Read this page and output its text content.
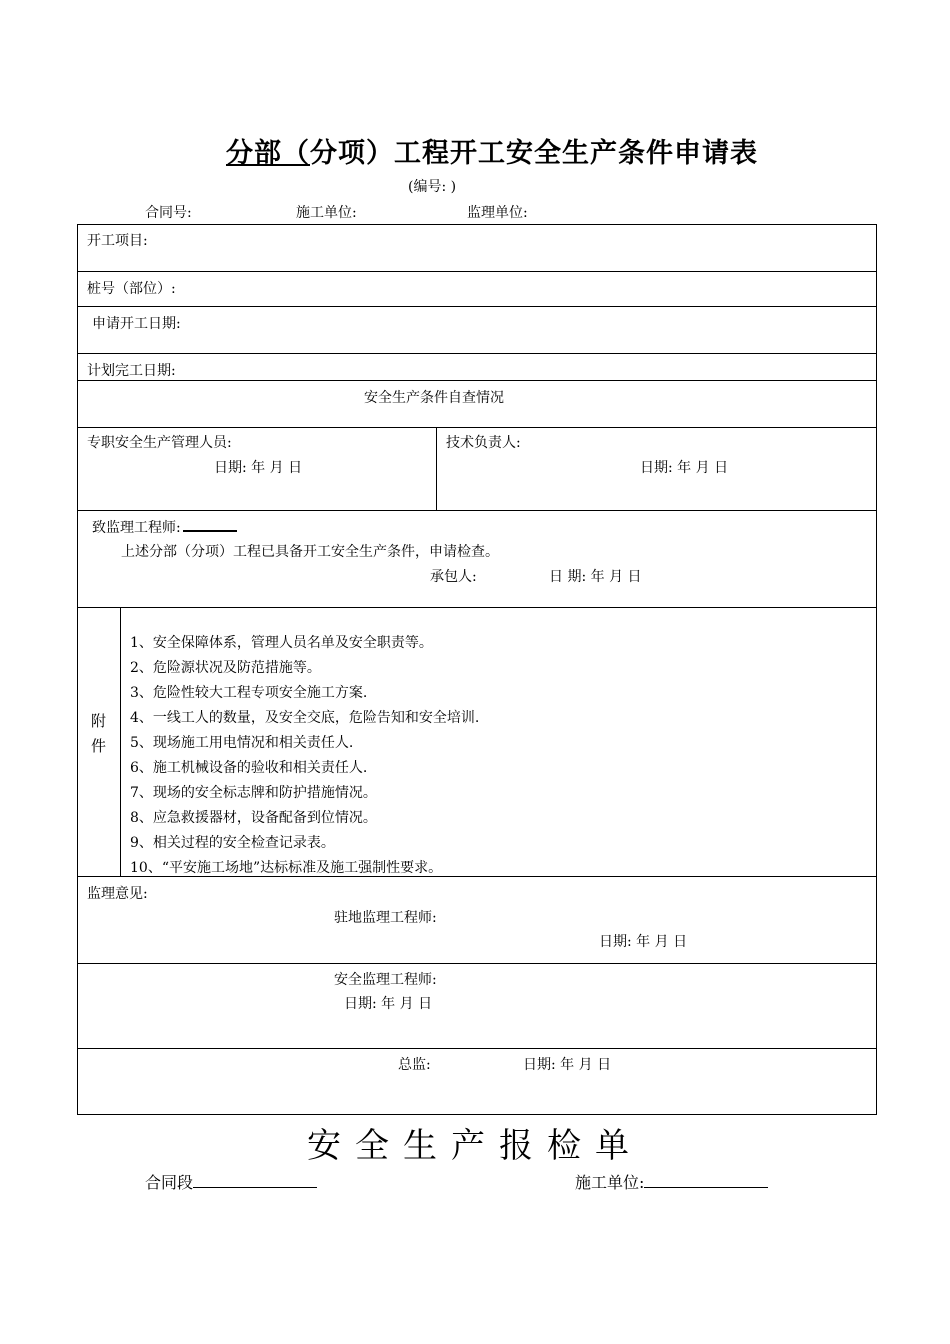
分部（分项）工程开工安全生产条件申请表
(编号: )
合同号:	施工单位:	监理单位:
开工项目:
桩号（部位）:
申请开工日期:
计划完工日期:
安全生产条件自查情况
专职安全生产管理人员:
日期: 年 月 日
技术负责人:
日期: 年 月 日
致监理工程师:
上述分部（分项）工程已具备开工安全生产条件，申请检查。
承包人:	日 期: 年 月 日
附
件
1、安全保障体系，管理人员名单及安全职责等。
2、危险源状况及防范措施等。
3、危险性较大工程专项安全施工方案.
4、一线工人的数量，及安全交底，危险告知和安全培训.
5、现场施工用电情况和相关责任人.
6、施工机械设备的验收和相关责任人.
7、现场的安全标志牌和防护措施情况。
8、应急救援器材，设备配备到位情况。
9、相关过程的安全检查记录表。
10、“平安施工场地”达标标准及施工强制性要求。
监理意见:
驻地监理工程师:
日期: 年 月 日
安全监理工程师:
日期: 年 月 日
总监:	日期: 年 月 日
安全生产报检单
合同段	施工单位:
